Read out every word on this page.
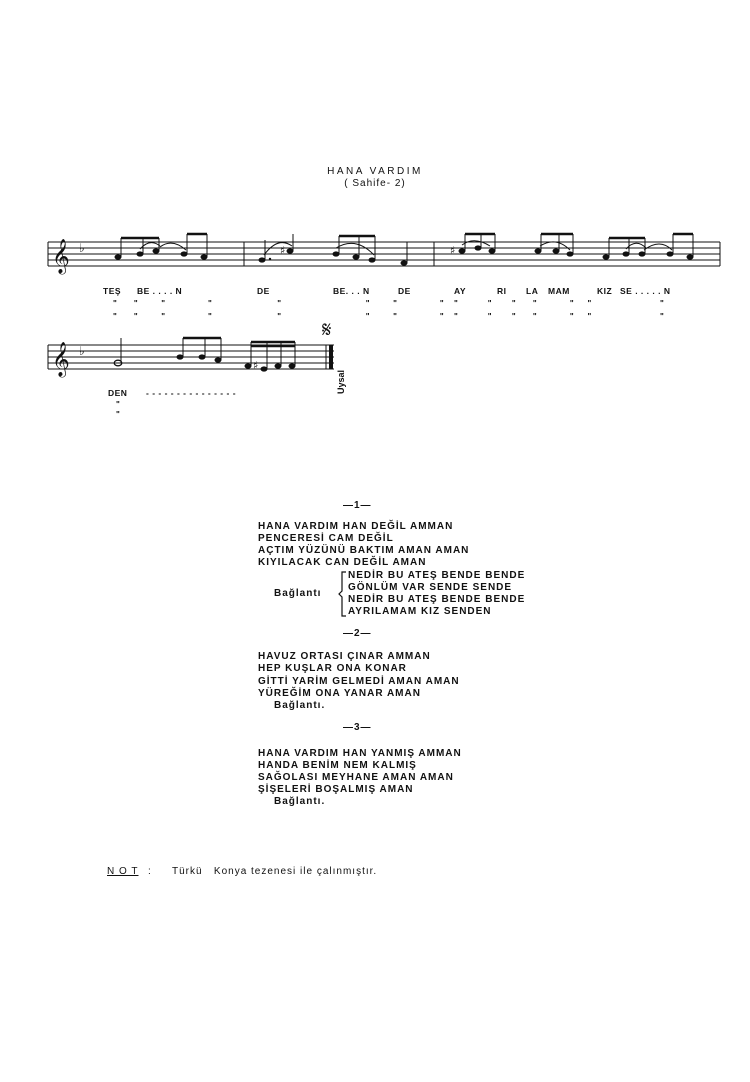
HANA VARDIM
( Sahife- 2)
𝄞
𝄞
♭
♭
♯	♯
♯
𝄋
TEŞ BE . . . . N	DE	BE. . . N	DE	AY	RI LA MAM	KIZ SE . . . . . N
"     "       "             "                    "                          "       "             "
"     "       "             "                    "                          "       "             "
"         "      "     "          "    "                     "
"         "      "     "          "    "                     "
DEN - - - - - - - - - - - - - - -
"
"
Uysal
—1—
HANA VARDIM HAN DEĞİL AMMAN
PENCERESİ CAM DEĞİL
AÇTIM YÜZÜNÜ BAKTIM AMAN AMAN
KIYILACAK CAN DEĞİL AMAN
Bağlantı
NEDİR BU ATEŞ BENDE BENDE
GÖNLÜM VAR SENDE SENDE
NEDİR BU ATEŞ BENDE BENDE
AYRILAMAM KIZ SENDEN
—2—
HAVUZ ORTASI ÇINAR AMMAN
HEP KUŞLAR ONA KONAR
GİTTİ YARİM GELMEDİ AMAN AMAN
YÜREĞİM ONA YANAR AMAN
Bağlantı.
—3—
HANA VARDIM HAN YANMIŞ AMMAN
HANDA BENİM NEM KALMIŞ
SAĞOLASI MEYHANE AMAN AMAN
ŞİŞELERİ BOŞALMIŞ AMAN
Bağlantı.
N O T : Türkü   Konya tezenesi ile çalınmıştır.
